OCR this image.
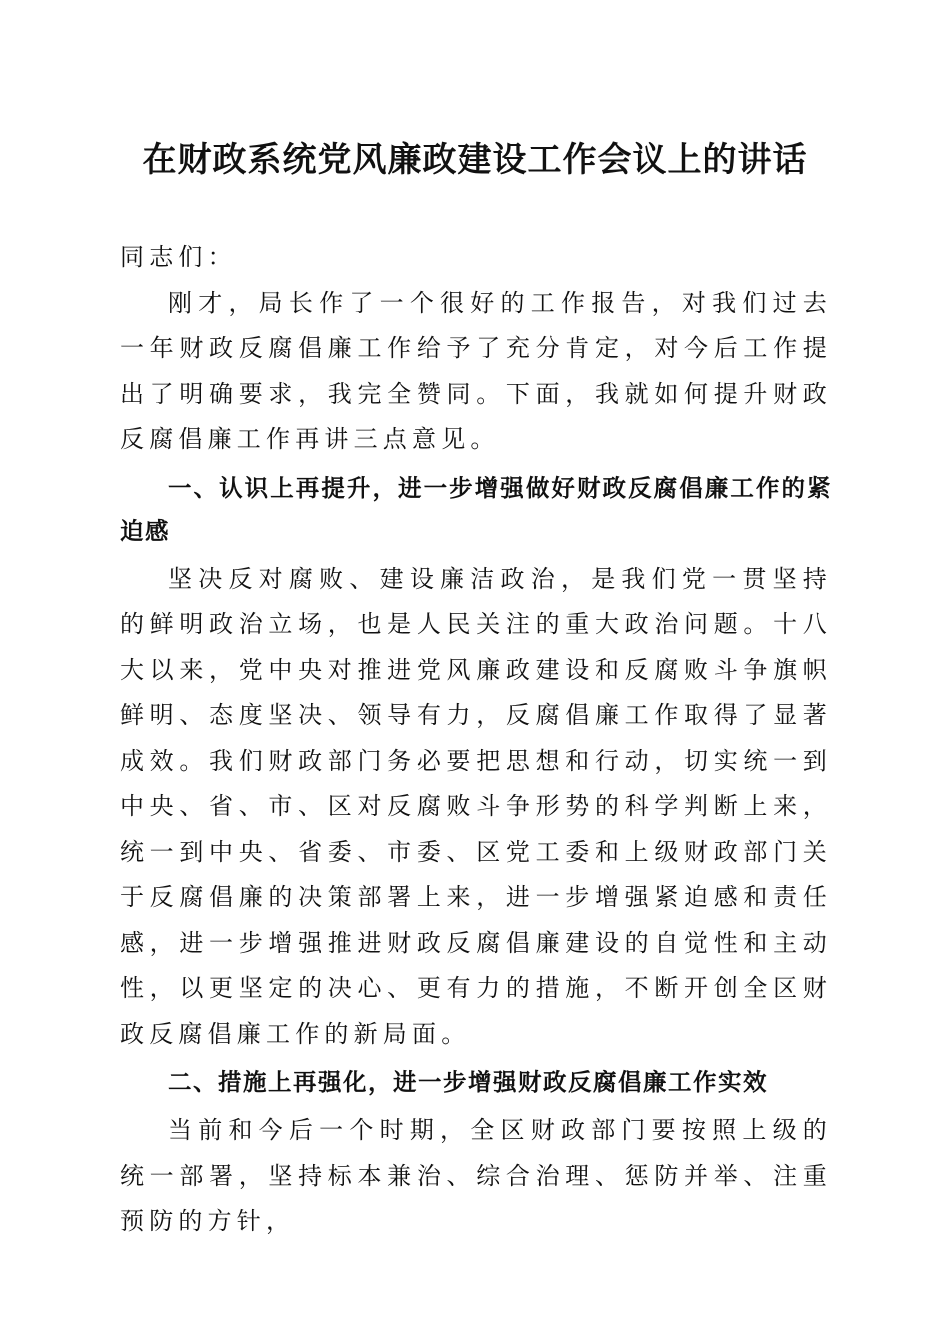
在财政系统党风廉政建设工作会议上的讲话

同志们：

刚才，局长作了一个很好的工作报告，对我们过去一年财政反腐倡廉工作给予了充分肯定，对今后工作提出了明确要求，我完全赞同。下面，我就如何提升财政反腐倡廉工作再讲三点意见。

一、认识上再提升，进一步增强做好财政反腐倡廉工作的紧迫感

坚决反对腐败、建设廉洁政治，是我们党一贯坚持的鲜明政治立场，也是人民关注的重大政治问题。十八大以来，党中央对推进党风廉政建设和反腐败斗争旗帜鲜明、态度坚决、领导有力，反腐倡廉工作取得了显著成效。我们财政部门务必要把思想和行动，切实统一到中央、省、市、区对反腐败斗争形势的科学判断上来，统一到中央、省委、市委、区党工委和上级财政部门关于反腐倡廉的决策部署上来，进一步增强紧迫感和责任感，进一步增强推进财政反腐倡廉建设的自觉性和主动性，以更坚定的决心、更有力的措施，不断开创全区财政反腐倡廉工作的新局面。

二、措施上再强化，进一步增强财政反腐倡廉工作实效

当前和今后一个时期，全区财政部门要按照上级的统一部署，坚持标本兼治、综合治理、惩防并举、注重预防的方针，
